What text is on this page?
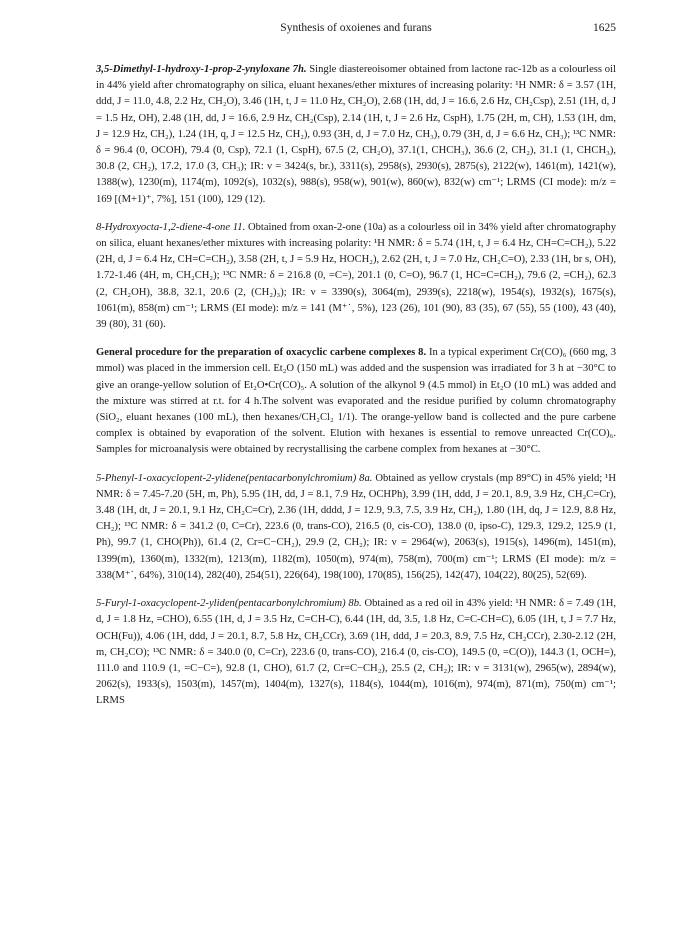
Synthesis of oxoienes and furans	1625

3,5-Dimethyl-1-hydroxy-1-prop-2-ynyloxane 7h. Single diastereoisomer obtained from lactone rac-12b as a colourless oil in 44% yield after chromatography on silica, eluant hexanes/ether mixtures of increasing polarity: ¹H NMR: δ = 3.57 (1H, ddd, J = 11.0, 4.8, 2.2 Hz, CH₂O), 3.46 (1H, t, J = 11.0 Hz, CH₂O), 2.68 (1H, dd, J = 16.6, 2.6 Hz, CH₂Csp), 2.51 (1H, d, J = 1.5 Hz, OH), 2.48 (1H, dd, J = 16.6, 2.9 Hz, CH₂(Csp), 2.14 (1H, t, J = 2.6 Hz, CspH), 1.75 (2H, m, CH), 1.53 (1H, dm, J = 12.9 Hz, CH₂), 1.24 (1H, q, J = 12.5 Hz, CH₂), 0.93 (3H, d, J = 7.0 Hz, CH₃), 0.79 (3H, d, J = 6.6 Hz, CH₃); ¹³C NMR: δ = 96.4 (0, OCOH), 79.4 (0, Csp), 72.1 (1, CspH), 67.5 (2, CH₂O), 37.1(1, CHCH₃), 36.6 (2, CH₂), 31.1 (1, CHCH₃), 30.8 (2, CH₂), 17.2, 17.0 (3, CH₃); IR: ν = 3424(s, br.), 3311(s), 2958(s), 2930(s), 2875(s), 2122(w), 1461(m), 1421(w), 1388(w), 1230(m), 1174(m), 1092(s), 1032(s), 988(s), 958(w), 901(w), 860(w), 832(w) cm⁻¹; LRMS (CI mode): m/z = 169 [(M+1)⁺, 7%], 151 (100), 129 (12).

8-Hydroxyocta-1,2-diene-4-one 11. Obtained from oxan-2-one (10a) as a colourless oil in 34% yield after chromatography on silica, eluant hexanes/ether mixtures with increasing polarity: ¹H NMR: δ = 5.74 (1H, t, J = 6.4 Hz, CH=C=CH₂), 5.22 (2H, d, J = 6.4 Hz, CH=C=CH₂), 3.58 (2H, t, J = 5.9 Hz, HOCH₂), 2.62 (2H, t, J = 7.0 Hz, CH₂C=O), 2.33 (1H, br s, OH), 1.72-1.46 (4H, m, CH₂CH₂); ¹³C NMR: δ = 216.8 (0, =C=), 201.1 (0, C=O), 96.7 (1, HC=C=CH₂), 79.6 (2, =CH₂), 62.3 (2, CH₂OH), 38.8, 32.1, 20.6 (2, (CH₂)₃); IR: ν = 3390(s), 3064(m), 2939(s), 2218(w), 1954(s), 1932(s), 1675(s), 1061(m), 858(m) cm⁻¹; LRMS (EI mode): m/z = 141 (M⁺˙, 5%), 123 (26), 101 (90), 83 (35), 67 (55), 55 (100), 43 (40), 39 (80), 31 (60).

General procedure for the preparation of oxacyclic carbene complexes 8. In a typical experiment Cr(CO)₆ (660 mg, 3 mmol) was placed in the immersion cell. Et₂O (150 mL) was added and the suspension was irradiated for 3 h at −30°C to give an orange-yellow solution of Et₂O•Cr(CO)₅. A solution of the alkynol 9 (4.5 mmol) in Et₂O (10 mL) was added and the mixture was stirred at r.t. for 4 h.The solvent was evaporated and the residue purified by column chromatography (SiO₂, eluant hexanes (100 mL), then hexanes/CH₂Cl₂ 1/1). The orange-yellow band is collected and the pure carbene complex is obtained by evaporation of the solvent. Elution with hexanes is essential to remove unreacted Cr(CO)₆. Samples for microanalysis were obtained by recrystallising the carbene complex from hexanes at −30°C.

5-Phenyl-1-oxacyclopent-2-ylidene(pentacarbonylchromium) 8a. Obtained as yellow crystals (mp 89°C) in 45% yield; ¹H NMR: δ = 7.45-7.20 (5H, m, Ph), 5.95 (1H, dd, J = 8.1, 7.9 Hz, OCHPh), 3.99 (1H, ddd, J = 20.1, 8.9, 3.9 Hz, CH₂C=Cr), 3.48 (1H, dt, J = 20.1, 9.1 Hz, CH₂C=Cr), 2.36 (1H, dddd, J = 12.9, 9.3, 7.5, 3.9 Hz, CH₂), 1.80 (1H, dq, J = 12.9, 8.8 Hz, CH₂); ¹³C NMR: δ = 341.2 (0, C=Cr), 223.6 (0, trans-CO), 216.5 (0, cis-CO), 138.0 (0, ipso-C), 129.3, 129.2, 125.9 (1, Ph), 99.7 (1, CHO(Ph)), 61.4 (2, Cr=C−CH₂), 29.9 (2, CH₂); IR: ν = 2964(w), 2063(s), 1915(s), 1496(m), 1451(m), 1399(m), 1360(m), 1332(m), 1213(m), 1182(m), 1050(m), 974(m), 758(m), 700(m) cm⁻¹; LRMS (EI mode): m/z = 338(M⁺˙, 64%), 310(14), 282(40), 254(51), 226(64), 198(100), 170(85), 156(25), 142(47), 104(22), 80(25), 52(69).

5-Furyl-1-oxacyclopent-2-yliden(pentacarbonylchromium) 8b. Obtained as a red oil in 43% yield: ¹H NMR: δ = 7.49 (1H, d, J = 1.8 Hz, =CHO), 6.55 (1H, d, J = 3.5 Hz, C=CH-C), 6.44 (1H, dd, 3.5, 1.8 Hz, C=C-CH=C), 6.05 (1H, t, J = 7.7 Hz, OCH(Fu)), 4.06 (1H, ddd, J = 20.1, 8.7, 5.8 Hz, CH₂CCr), 3.69 (1H, ddd, J = 20.3, 8.9, 7.5 Hz, CH₂CCr), 2.30-2.12 (2H, m, CH₂CO); ¹³C NMR: δ = 340.0 (0, C=Cr), 223.6 (0, trans-CO), 216.4 (0, cis-CO), 149.5 (0, =C(O)), 144.3 (1, OCH=), 111.0 and 110.9 (1, =C−C=), 92.8 (1, CHO), 61.7 (2, Cr=C−CH₂), 25.5 (2, CH₂); IR: ν = 3131(w), 2965(w), 2894(w), 2062(s), 1933(s), 1503(m), 1457(m), 1404(m), 1327(s), 1184(s), 1044(m), 1016(m), 974(m), 871(m), 750(m) cm⁻¹; LRMS
